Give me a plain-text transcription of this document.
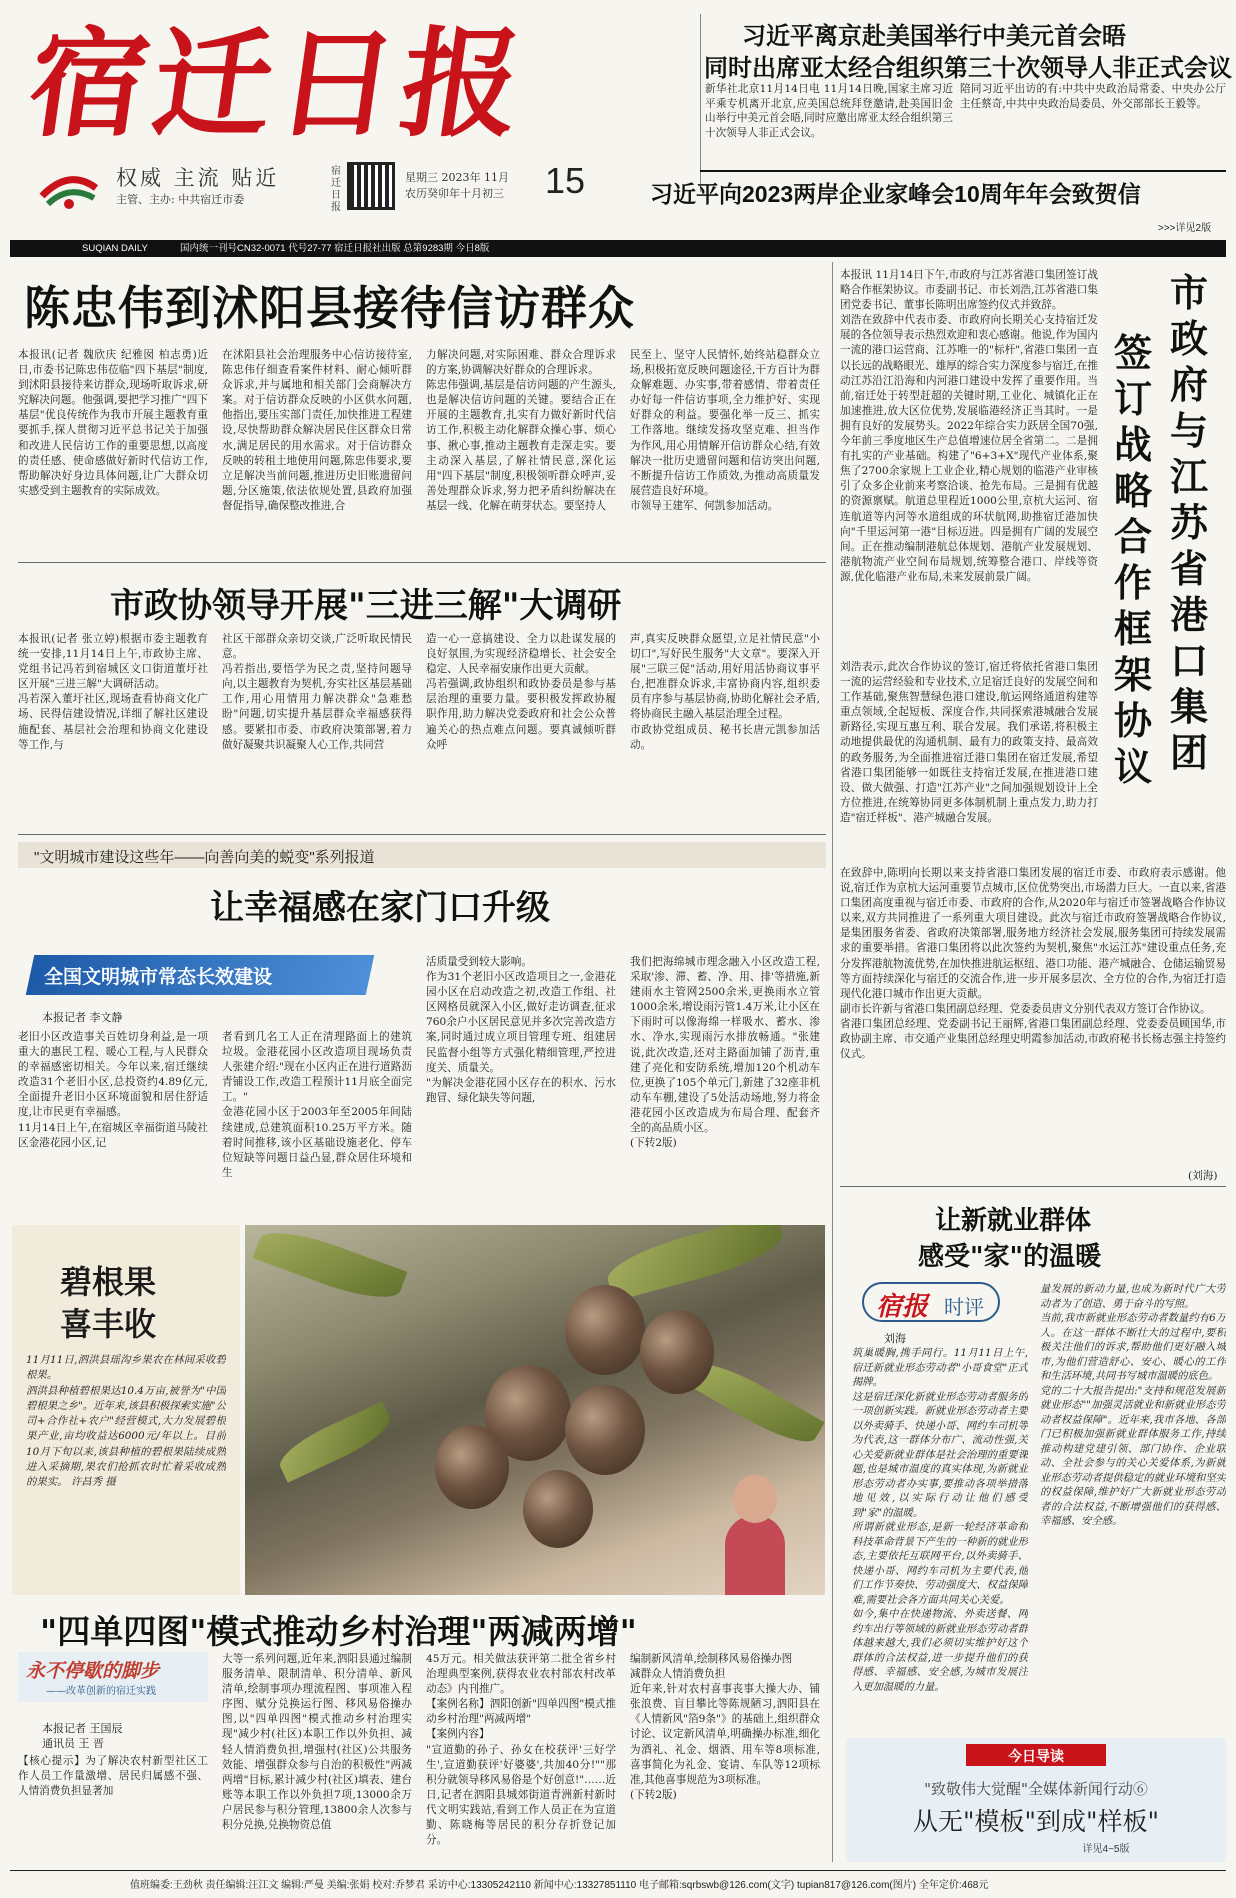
宿迁日报
权威 主流 贴近
主管、主办: 中共宿迁市委
宿迁日报
星期三 2023年 11月
农历癸卯年十月初三 15
SUQIAN DAILY	国内统一刊号CN32-0071 代号27-77 宿迁日报社出版 总第9283期 今日8版
习近平离京赴美国举行中美元首会晤
同时出席亚太经合组织第三十次领导人非正式会议
新华社北京11月14日电 11月14日晚,国家主席习近平乘专机离开北京,应美国总统拜登邀请,赴美国旧金山举行中美元首会晤,同时应邀出席亚太经合组织第三十次领导人非正式会议。
陪同习近平出访的有:中共中央政治局常委、中央办公厅主任蔡奇,中共中央政治局委员、外交部部长王毅等。
习近平向2023两岸企业家峰会10周年年会致贺信
>>>详见2版
陈忠伟到沭阳县接待信访群众
本报讯(记者 魏欣庆 纪雅囡 柏志勇)近日,市委书记陈忠伟莅临"四下基层"制度,到沭阳县接待来访群众,现场听取诉求,研究解决问题。他强调,要把学习推广"四下基层"优良传统作为我市开展主题教育重要抓手,探人贯彻习近平总书记关于加强和改进人民信访工作的重要思想,以高度的责任感、使命感做好新时代信访工作,帮助解决好身边具体问题,让广大群众切实感受到主题教育的实际成效。
在沭阳县社会治理服务中心信访接待室,陈忠伟仔细查看案件材料、耐心倾听群众诉求,并与属地和相关部门会商解决方案。对于信访群众反映的小区供水问题,他指出,要压实部门责任,加快推进工程建设,尽快帮助群众解决居民住区群众日常水,满足居民的用水需求。对于信访群众反映的转租土地使用问题,陈忠伟要求,要立足解决当前问题,推进历史旧账遗留问题,分区施策,依法依规处置,县政府加强督促指导,确保整改推进,合
力解决问题,对实际困难、群众合理诉求的方案,协调解决好群众的合理诉求。
陈忠伟强调,基层是信访问题的产生源头,也是解决信访问题的关键。要结合正在开展的主题教育,扎实有力做好新时代信访工作,积极主动化解群众操心事、烦心事、揪心事,推动主题教育走深走实。要主动深入基层,了解社情民意,深化运用"四下基层"制度,积极领听群众呼声,妥善处理群众诉求,努力把矛盾纠纷解决在基层一线、化解在萌芽状态。要坚持人
民至上、坚守人民情怀,始终站稳群众立场,积极拓宽反映问题途径,干方百计为群众解难题、办实事,带着感情、带着责任办好每一件信访事项,全力维护好、实现好群众的利益。要强化举一反三、抓实工作落地。继续发扬攻坚克难、担当作为作风,用心用情解开信访群众心结,有效解决一批历史遗留问题和信访突出问题,不断提升信访工作质效,为推动高质量发展营造良好环境。
市领导王建军、何凯参加活动。
市政协领导开展"三进三解"大调研
本报讯(记者 张立婷)根据市委主题教育统一安排,11月14日上午,市政协主席、党组书记冯若到宿城区文口街道董圩社区开展"三进三解"大调研活动。
冯若深入董圩社区,现场查看协商文化广场、民得信建设情况,详细了解社区建设施配套、基层社会治理和协商文化建设等工作,与
社区干部群众亲切交谈,广泛听取民情民意。
冯若指出,要悟学为民之责,坚持问题导向,以主题教育为契机,夯实社区基层基础工作,用心用情用力解决群众"急难愁盼"问题,切实提升基层群众幸福感获得感。要紧扣市委、市政府决策部署,着力做好凝聚共识凝聚人心工作,共同营
造一心一意搞建设、全力以赴谋发展的良好氛围,为实现经济稳增长、社会安全稳定、人民幸福安康作出更大贡献。
冯若强调,政协组织和政协委员是参与基层治理的重要力量。要积极发挥政协履职作用,助力解决党委政府和社会公众普遍关心的热点难点问题。要真诚倾听群众呼
声,真实反映群众愿望,立足社情民意"小切口",写好民生服务"大文章"。要深入开展"三联三促"活动,用好用活协商议事平台,把准群众诉求,丰富协商内容,组织委员有序参与基层协商,协助化解社会矛盾,将协商民主融入基层治理全过程。
市政协党组成员、秘书长唐元凯参加活动。
"文明城市建设这些年——向善向美的蜕变"系列报道
让幸福感在家门口升级
全国文明城市常态长效建设
本报记者 李文静
老旧小区改造事关百姓切身利益,是一项重大的惠民工程、暖心工程,与人民群众的幸福感密切相关。今年以来,宿迁继续改造31个老旧小区,总投资约4.89亿元,全面提升老旧小区环境面貌和居住舒适度,让市民更有幸福感。
11月14日上午,在宿城区幸福街道马陵社区金港花园小区,记
者看到几名工人正在清理路面上的建筑垃圾。金港花园小区改造项目现场负责人张建介绍:"现在小区内正在进行道路沥青铺设工作,改造工程预计11月底全面完工。"
金港花园小区于2003年至2005年间陆续建成,总建筑面积10.25万平方米。随着时间推移,该小区基础设施老化、停车位短缺等问题日益凸显,群众居住环境和生
活质量受到较大影响。
作为31个老旧小区改造项目之一,金港花园小区在启动改造之初,改造工作组、社区网格员就深入小区,做好走访调查,征求760余户小区居民意见并多次完善改造方案,同时通过成立项目管理专班、组建居民监督小组等方式强化精细管理,严控进度关、质量关。
"为解决金港花园小区存在的积水、污水跑冒、绿化缺失等问题,
我们把海绵城市理念融入小区改造工程,采取'渗、滞、蓄、净、用、排'等措施,新建雨水主管网2500余米,更换雨水立管1000余米,增设雨污管1.4万米,让小区在下雨时可以像海绵一样吸水、蓄水、渗水、净水,实现雨污水排放畅通。"张建说,此次改造,还对主路面加铺了沥青,重建了亮化和安防系统,增加120个机动车位,更换了105个单元门,新建了32座非机动车车棚,建设了5处活动场地,努力将金港花园小区改造成为布局合理、配套齐全的高品质小区。
(下转2版)
碧根果
喜丰收
11月11日,泗洪县瑶沟乡果农在林间采收碧根果。
泗洪县种植碧根果达10.4万亩,被誉为"中国碧根果之乡"。近年来,该县积极探索实施"公司+合作社+农户"经营模式,大力发展碧根果产业,亩均收益达6000元/年以上。目前10月下旬以来,该县种植的碧根果陆续成熟进入采摘期,果农们抢抓农时忙着采收成熟的果实。 许昌秀 摄
"四单四图"模式推动乡村治理"两减两增"
永不停歇的脚步
——改革创新的宿迁实践
本报记者 王国辰
通讯员 王 晋
【核心提示】为了解决农村新型社区工作人员工作量激增、居民归属感不强、人情消费负担显著加
大等一系列问题,近年来,泗阳县通过编制服务清单、限制清单、积分清单、新风清单,绘制事项办理流程图、事项准入程序图、赋分兑换运行图、移风易俗操办图,以"四单四图"模式推动乡村治理实现"减少村(社区)本职工作以外负担、减轻人情消费负担,增强村(社区)公共服务效能、增强群众参与自治的积极性"两减两增"目标,累计减少村(社区)填表、建台账等本职工作以外负担7项,13000余万户居民参与积分管理,13800余人次参与积分兑换,兑换物资总值
45万元。相关做法获评第二批全省乡村治理典型案例,获得农业农村部农村改革动态》内刊推广。
【案例名称】泗阳创新"四单四图"模式推动乡村治理"两减两增"
【案例内容】
"宣道勤的孙子、孙女在校获评'三好学生',宣道勤获评'好婆婆',共加40分!""那积分就领导移风易俗是个好创意!"……近日,记者在泗阳县城郊街道青洲新村新时代文明实践站,看到工作人员正在为宣道勤、陈晓梅等居民的积分存折登记加分。
编制新风清单,绘制移风易俗操办图
减群众人情消费负担
近年来,针对农村喜事丧事大操大办、铺张浪费、盲目攀比等陈规陋习,泗阳县在《人情新风"箔9条"》的基础上,组织群众讨论、议定新风清单,明确操办标准,细化为酒礼、礼金、烟酒、用车等8项标准,喜事简化为礼金、宴请、车队等12项标准,其他喜事规范为3项标准。
(下转2版)
本报讯 11月14日下午,市政府与江苏省港口集团签订战略合作框架协议。市委副书记、市长刘浩,江苏省港口集团党委书记、董事长陈明出席签约仪式并致辞。
刘浩在致辞中代表市委、市政府向长期关心支持宿迁发展的各位领导表示热烈欢迎和衷心感谢。他说,作为国内一流的港口运营商、江苏唯一的"标杆",省港口集团一直以长远的战略眼光、雄厚的综合实力深度参与宿迁,在推动江苏沿江沿海和内河港口建设中发挥了重要作用。当前,宿迁处于转型赶超的关键时期,工业化、城镇化正在加速推进,放大区位优势,发展临港经济正当其时。一是拥有良好的发展势头。2022年综合实力跃居全国70强,今年前三季度地区生产总值增速位居全省第二。二是拥有扎实的产业基础。构建了"6+3+X"现代产业体系,聚焦了2700余家规上工业企业,精心规划的临港产业审核引了众多企业前来考察洽谈、抢先布局。三是拥有优越的资源禀赋。航道总里程近1000公里,京杭大运河、宿连航道等内河等水道组成的环状航网,助推宿迁港加快向"千里运河第一港"目标迈进。四是拥有广阔的发展空间。正在推动编制港航总体规划、港航产业发展规划、港航物流产业空间布局规划,统筹整合港口、岸线等资源,优化临港产业布局,未来发展前景广阔。
市
政
府
与
江
苏
省
港
口
集
团
签
订
战
略
合
作
框
架
协
议
刘浩表示,此次合作协议的签订,宿迁将依托省港口集团一流的运营经验和专业技术,立足宿迁良好的发展空间和工作基础,聚焦智慧绿色港口建设,航运网络通道构建等重点领域,全起短板、深度合作,共同探索港城融合发展新路径,实现互惠互利、联合发展。我们承诺,将积极主动地提供最优的沟通机制、最有力的政策支持、最高效的政务服务,为全面推进宿迁港口集团在宿迁发展,希望省港口集团能够一如既往支持宿迁发展,在推进港口建设、做大做强、打造"江苏产业"之间加强规划设计上全方位推进,在统筹协同更多体制机制上重点发力,助力打造"宿迁样板"、港产城融合发展。
在致辞中,陈明向长期以来支持省港口集团发展的宿迁市委、市政府表示感谢。他说,宿迁作为京杭大运河重要节点城市,区位优势突出,市场潜力巨大。一直以来,省港口集团高度重视与宿迁市委、市政府的合作,从2020年与宿迁市签署战略合作协议以来,双方共同推进了一系列重大项目建设。此次与宿迁市政府签署战略合作协议,是集团服务省委、省政府决策部署,服务地方经济社会发展,服务集团可持续发展需求的重要举措。省港口集团将以此次签约为契机,聚焦"水运江苏"建设重点任务,充分发挥港航物流优势,在加快推进航运枢纽、港口功能、港产城融合、仓储运输贸易等方面持续深化与宿迁的交流合作,进一步开展多层次、全方位的合作,为宿迁打造现代化港口城市作出更大贡献。
副市长许新与省港口集团副总经理、党委委员唐文分别代表双方签订合作协议。
省港口集团总经理、党委副书记王丽辉,省港口集团副总经理、党委委员顾国华,市政协副主席、市交通产业集团总经理史明霞参加活动,市政府秘书长杨志强主持签约仪式。
(刘海)
让新就业群体
感受"家"的温暖
宿报 时评
刘海
筑巢暖胸,携手同行。11月11日上午,宿迁新就业形态劳动者"小哥食堂"正式揭牌。
这是宿迁深化新就业形态劳动者服务的一项创新实践。新就业形态劳动者主要以外卖骑手、快递小哥、网约车司机等为代表,这一群体分布广、流动性强,关心关爱新就业群体是社会治理的重要课题,也是城市温度的真实体现,为新就业形态劳动者办实事,要推动各项举措落地见效,以实际行动让他们感受到"家"的温暖。
所谓新就业形态,是新一轮经济革命和科技革命背景下产生的一种新的就业形态,主要依托互联网平台,以外卖骑手、快递小哥、网约车司机为主要代表,他们工作节奏快、劳动强度大、权益保障难,需要社会各方面共同关心关爱。
如今,集中在快递物流、外卖送餐、网约车出行等领域的新就业形态劳动者群体越来越大,我们必须切实维护好这个群体的合法权益,进一步提升他们的获得感、幸福感、安全感,为城市发展注入更加温暖的力量。
量发展的新动力量,也成为新时代广大劳动者为了创造、勇于奋斗的写照。
当前,我市新就业形态劳动者数量约有6万人。在这一群体不断壮大的过程中,要积极关注他们的诉求,帮助他们更好融入城市,为他们营造舒心、安心、暖心的工作和生活环境,共同书写城市温暖的底色。
党的二十大报告提出:"支持和规范发展新就业形态""加强灵活就业和新就业形态劳动者权益保障"。近年来,我市各地、各部门已积极加强新就业群体服务工作,持续推动构建党建引领、部门协作、企业联动、全社会参与的关心关爱体系,为新就业形态劳动者提供稳定的就业环境和坚实的权益保障,维护好广大新就业形态劳动者的合法权益,不断增强他们的获得感、幸福感、安全感。
今日导读
"致敬伟大觉醒"全媒体新闻行动⑥
从无"模板"到成"样板"
详见4~5版
值班编委:王劲秋 责任编辑:汪江文 编辑:严曼 美编:张娟 校对:乔梦君 采访中心:13305242110 新闻中心:13327851110 电子邮箱:sqrbswb@126.com(文字) tupian817@126.com(图片) 全年定价:468元
